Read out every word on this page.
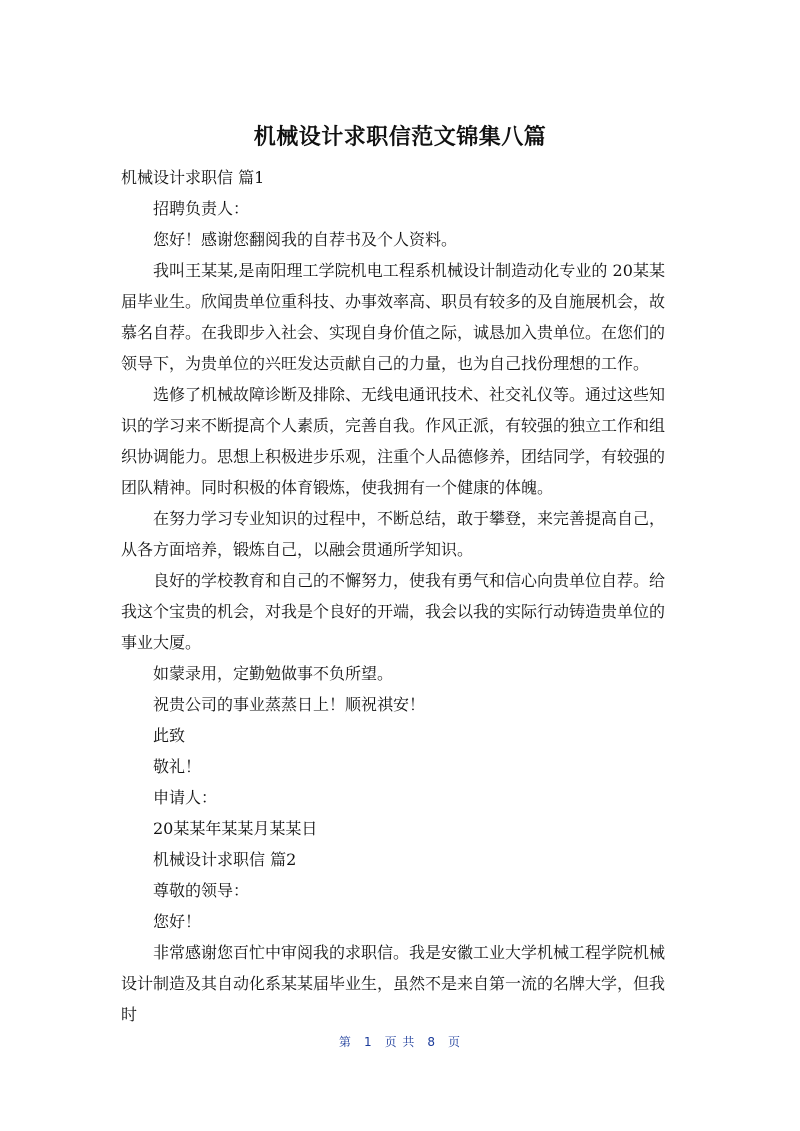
机械设计求职信范文锦集八篇

机械设计求职信 篇1

招聘负责人：

您好！感谢您翻阅我的自荐书及个人资料。

我叫王某某,是南阳理工学院机电工程系机械设计制造动化专业的 20某某届毕业生。欣闻贵单位重科技、办事效率高、职员有较多的及自施展机会，故慕名自荐。在我即步入社会、实现自身价值之际，诚恳加入贵单位。在您们的领导下，为贵单位的兴旺发达贡献自己的力量，也为自己找份理想的工作。

选修了机械故障诊断及排除、无线电通讯技术、社交礼仪等。通过这些知识的学习来不断提高个人素质，完善自我。作风正派，有较强的独立工作和组织协调能力。思想上积极进步乐观，注重个人品德修养，团结同学，有较强的团队精神。同时积极的体育锻炼，使我拥有一个健康的体魄。

在努力学习专业知识的过程中，不断总结，敢于攀登，来完善提高自己，从各方面培养，锻炼自己，以融会贯通所学知识。

良好的学校教育和自己的不懈努力，使我有勇气和信心向贵单位自荐。给我这个宝贵的机会，对我是个良好的开端，我会以我的实际行动铸造贵单位的事业大厦。

如蒙录用，定勤勉做事不负所望。

祝贵公司的事业蒸蒸日上！顺祝祺安！

此致

敬礼！

申请人：

20某某年某某月某某日

机械设计求职信 篇2

尊敬的领导：

您好！

非常感谢您百忙中审阅我的求职信。我是安徽工业大学机械工程学院机械设计制造及其自动化系某某届毕业生，虽然不是来自第一流的名牌大学，但我时

第 1 页 共 8 页
